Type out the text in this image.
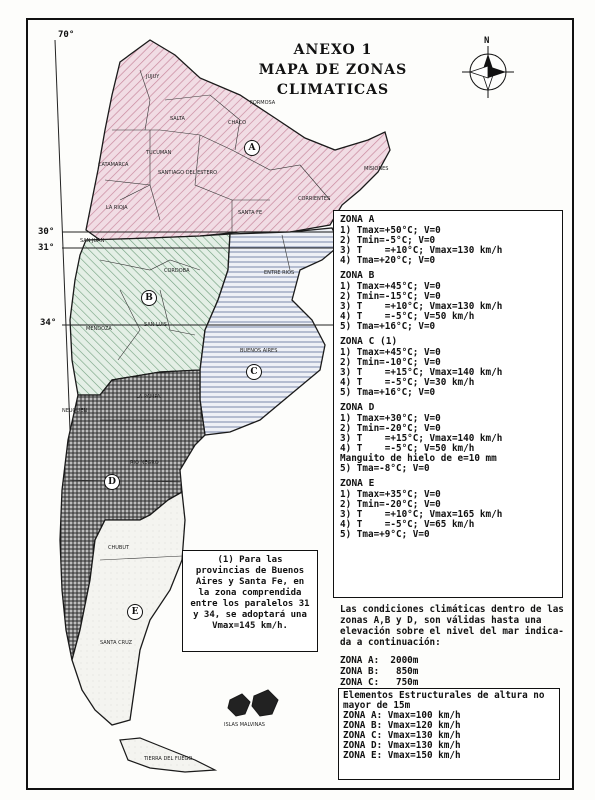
70°
30°
31°
34°
ANEXO 1
MAPA DE ZONAS
CLIMATICAS
N
JUJUY
SALTA
FORMOSA
CHACO
TUCUMAN
CATAMARCA
SANTIAGO DEL ESTERO
MISIONES
CORRIENTES
LA RIOJA
SANTA FE
SAN JUAN
CORDOBA	ENTRE RIOS
MENDOZA
SAN LUIS
BUENOS AIRES
NEUQUEN
LA PAMPA
RIO NEGRO
CHUBUT
SANTA CRUZ
ISLAS MALVINAS
TIERRA DEL FUEGO
A
B
C
D
E
ZONA A
1) Tmax=+50°C; V=0
2) Tmin=-5°C; V=0
3) T    =+10°C; Vmax=130 km/h
4) Tma=+20°C; V=0
ZONA B
1) Tmax=+45°C; V=0
2) Tmin=-15°C; V=0
3) T    =+10°C; Vmax=130 km/h
4) T    =-5°C; V=50 km/h
5) Tma=+16°C; V=0
ZONA C (1)
1) Tmax=+45°C; V=0
2) Tmin=-10°C; V=0
3) T    =+15°C; Vmax=140 km/h
4) T    =-5°C; V=30 km/h
5) Tma=+16°C; V=0
ZONA D
1) Tmax=+30°C; V=0
2) Tmin=-20°C; V=0
3) T    =+15°C; Vmax=140 km/h
4) T    =-5°C; V=50 km/h
Manguito de hielo de e=10 mm
5) Tma=-8°C; V=0
ZONA E
1) Tmax=+35°C; V=0
2) Tmin=-20°C; V=0
3) T    =+10°C; Vmax=165 km/h
4) T    =-5°C; V=65 km/h
5) Tma=+9°C; V=0
(1) Para las provincias de Buenos Aires y Santa Fe, en la zona comprendida entre los paralelos 31 y 34, se adoptará una Vmax=145 km/h.
Las condiciones climáticas dentro de las
zonas A,B y D, son válidas hasta una
elevación sobre el nivel del mar indica-
da a continuación:
ZONA A:  2000m
ZONA B:   850m
ZONA C:   750m
Elementos Estructurales de altura no
mayor de 15m
ZONA A: Vmax=100 km/h
ZONA B: Vmax=120 km/h
ZONA C: Vmax=130 km/h
ZONA D: Vmax=130 km/h
ZONA E: Vmax=150 km/h
